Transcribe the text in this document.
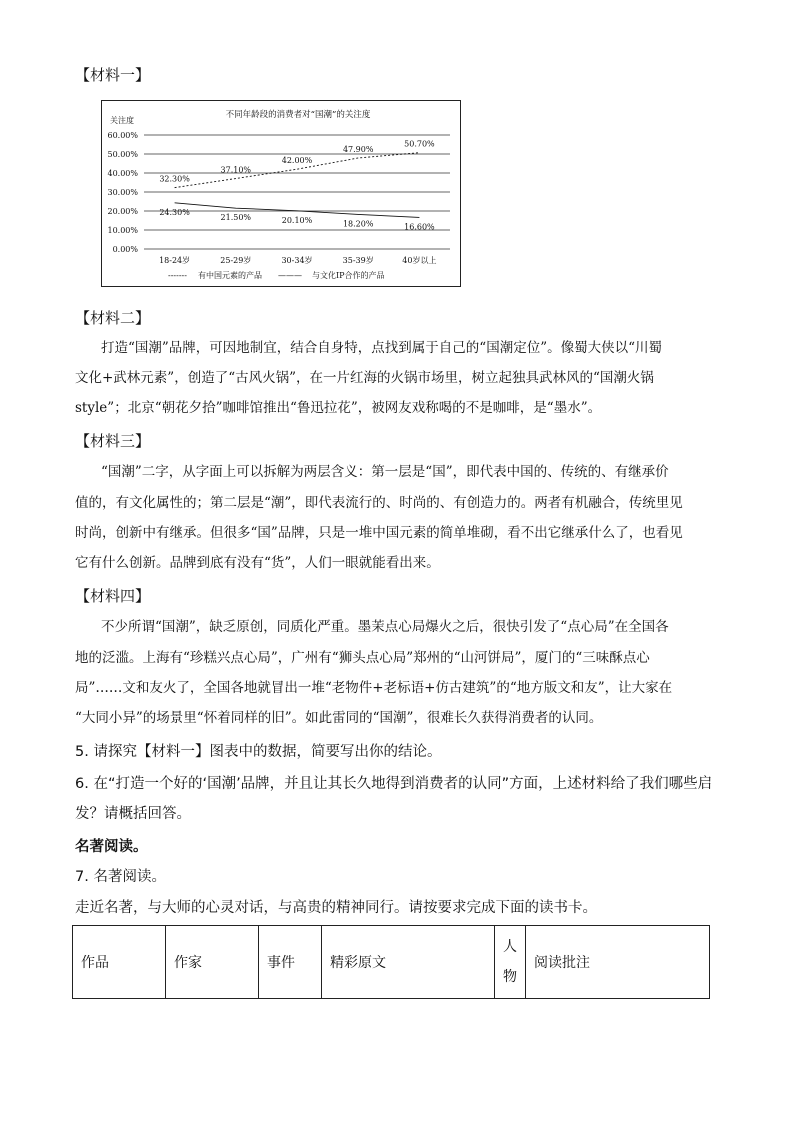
【材料一】
关注度
不同年龄段的消费者对“国潮”的关注度
60.00%
50.00%
40.00%
30.00%
20.00%
10.00%
0.00%
18-24岁	25-29岁	30-34岁	35-39岁	40岁以上
32.30%
37.10%
42.00%
47.90%
50.70%
24.30%
21.50%	20.10%	18.20%	16.60%
------- 有中国元素的产品 ——— 与文化IP合作的产品
【材料二】
打造“国潮”品牌，可因地制宜，结合自身特，点找到属于自己的“国潮定位”。像蜀大侠以“川蜀
文化+武林元素”，创造了“古风火锅”，在一片红海的火锅市场里，树立起独具武林风的“国潮火锅
style”；北京“朝花夕拾”咖啡馆推出“鲁迅拉花”，被网友戏称喝的不是咖啡，是“墨水”。
【材料三】
“国潮”二字，从字面上可以拆解为两层含义：第一层是“国”，即代表中国的、传统的、有继承价
值的，有文化属性的；第二层是“潮”，即代表流行的、时尚的、有创造力的。两者有机融合，传统里见
时尚，创新中有继承。但很多“国”品牌，只是一堆中国元素的简单堆砌，看不出它继承什么了，也看见
它有什么创新。品牌到底有没有“货”，人们一眼就能看出来。
【材料四】
不少所谓“国潮”，缺乏原创，同质化严重。墨茉点心局爆火之后，很快引发了“点心局”在全国各
地的泛滥。上海有“珍糕兴点心局”，广州有“狮头点心局”郑州的“山河饼局”，厦门的“三味酥点心
局”……文和友火了，全国各地就冒出一堆“老物件+老标语+仿古建筑”的“地方版文和友”，让大家在
“大同小异”的场景里“怀着同样的旧”。如此雷同的“国潮”，很难长久获得消费者的认同。
5. 请探究【材料一】图表中的数据，简要写出你的结论。
6. 在“打造一个好的‘国潮’品牌，并且让其长久地得到消费者的认同”方面，上述材料给了我们哪些启
发？请概括回答。
名著阅读。
7. 名著阅读。
走近名著，与大师的心灵对话，与高贵的精神同行。请按要求完成下面的读书卡。
作品	作家	事件	精彩原文	人物	阅读批注
